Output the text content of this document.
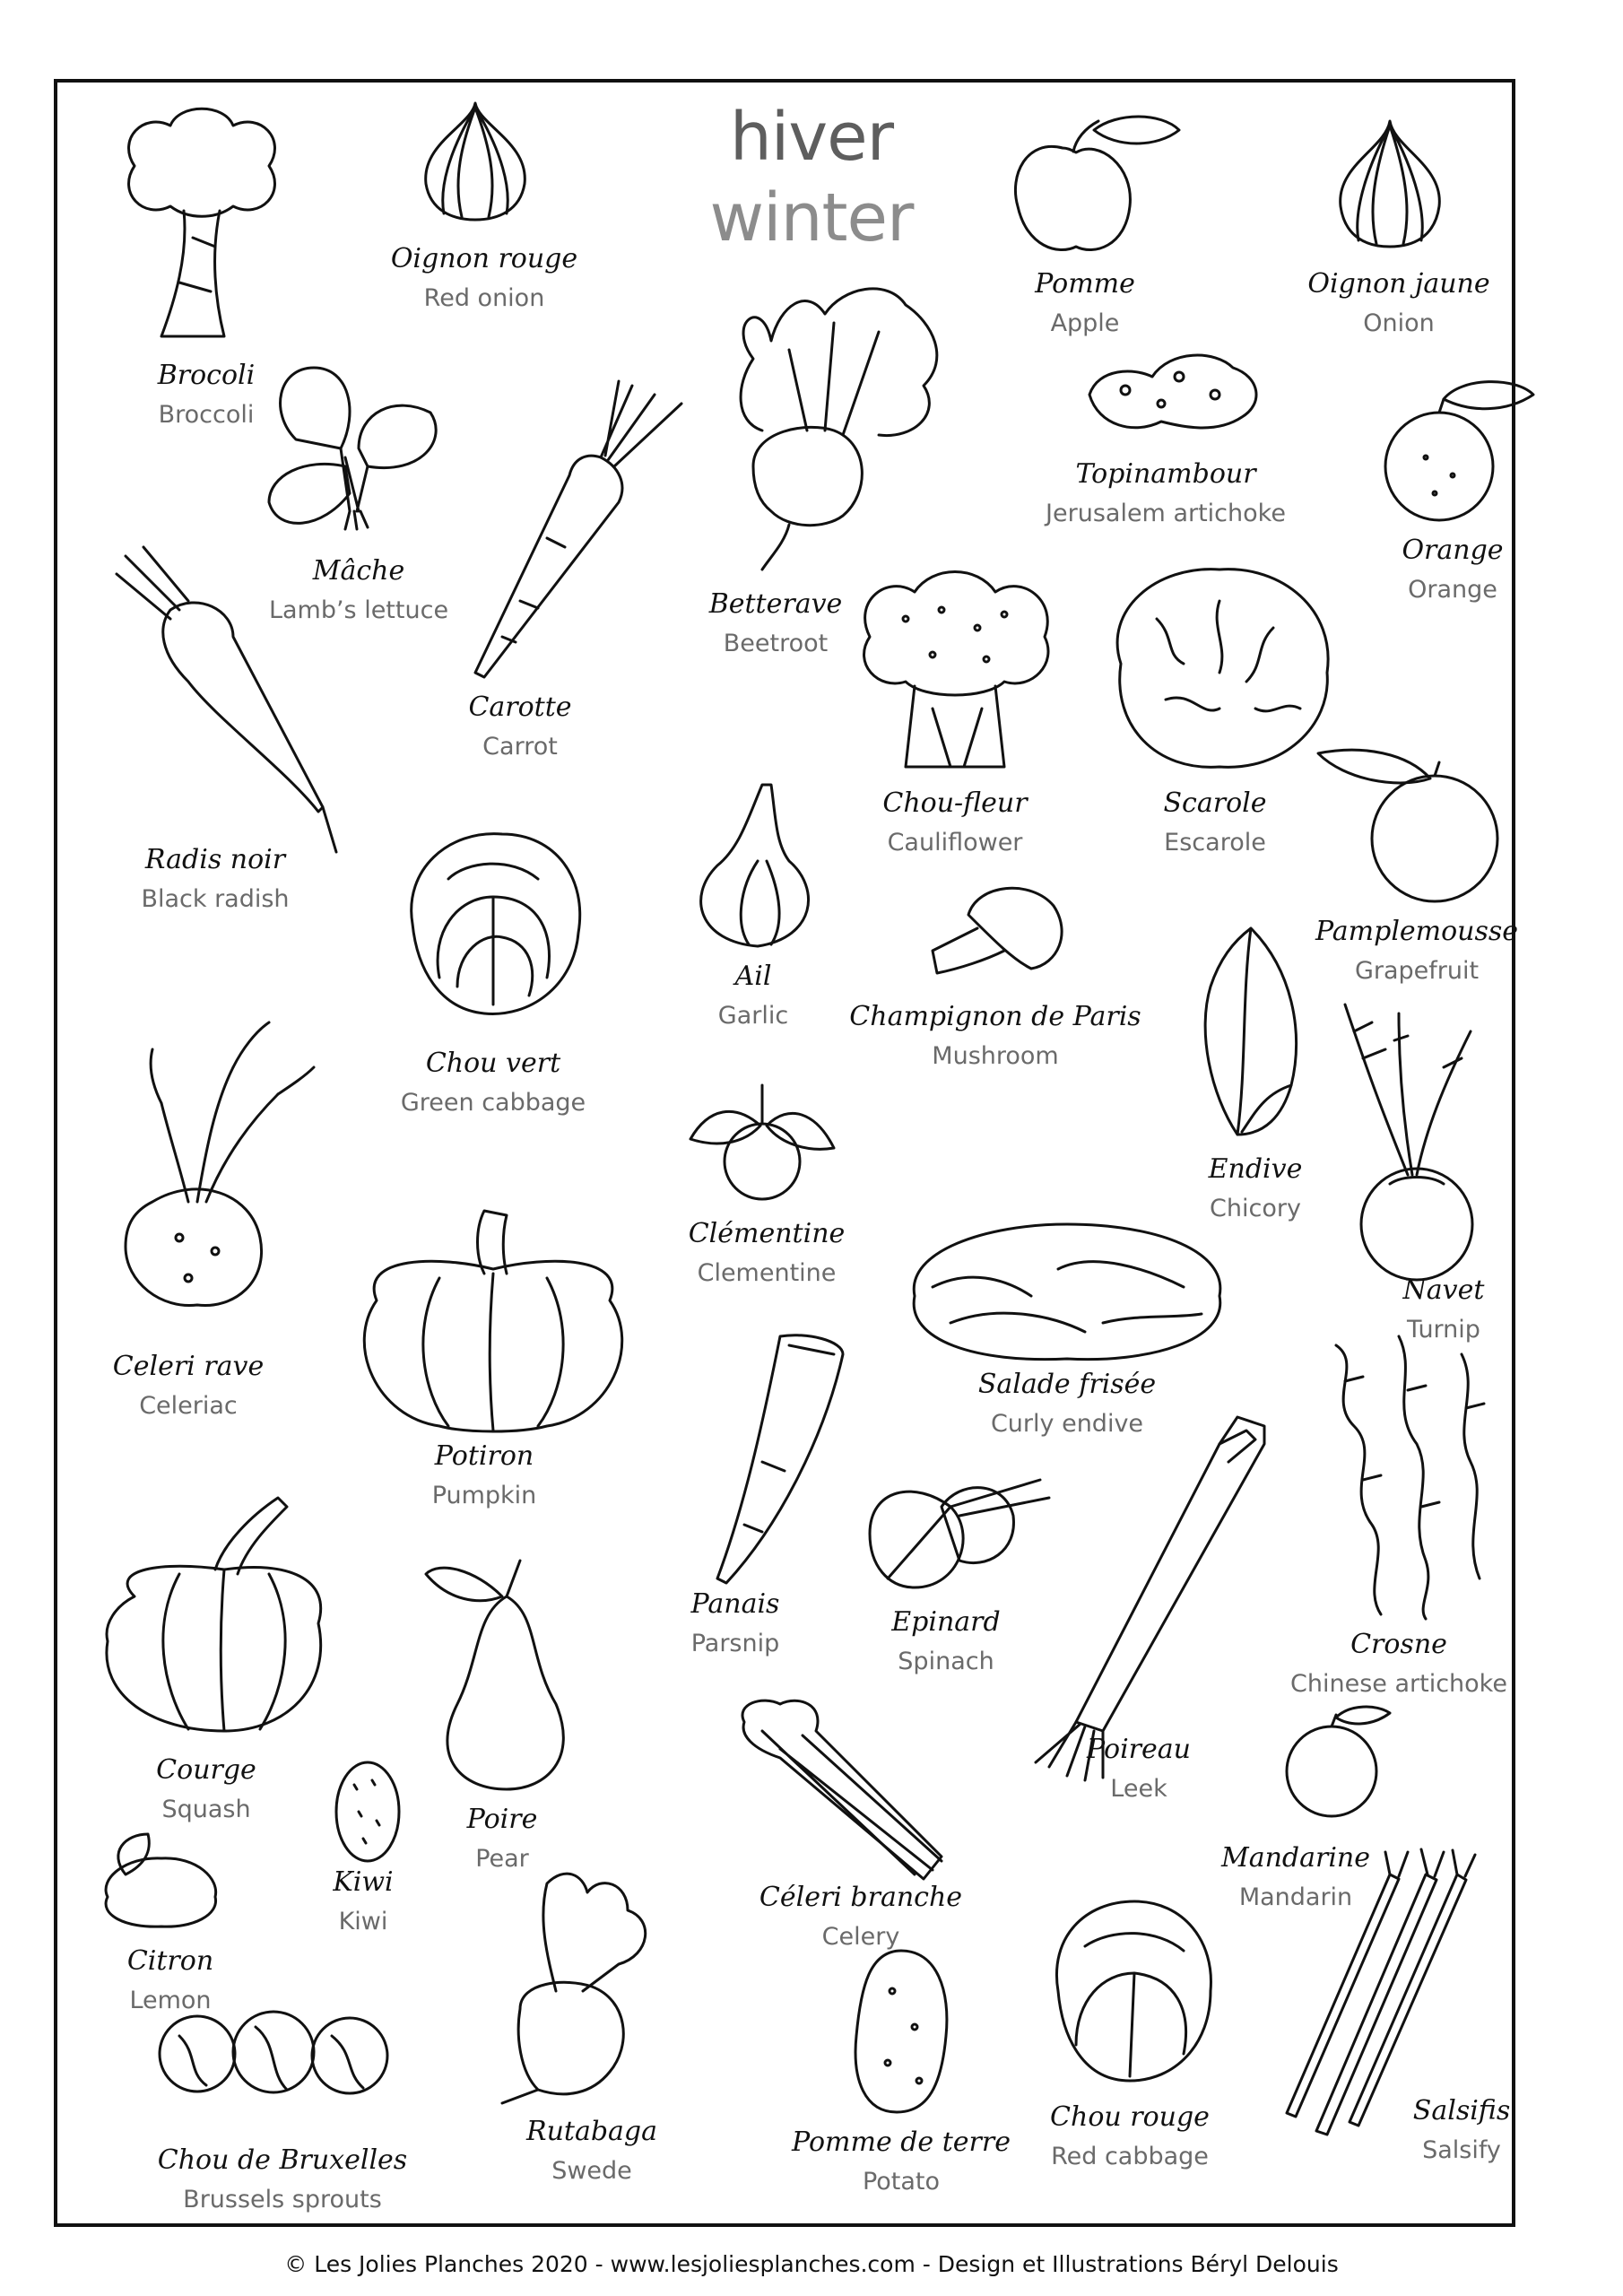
hiver
winter
Brocoli
Broccoli
Oignon rouge
Red onion	Pomme
Apple
Oignon jaune
Onion
Mâche
Lamb’s lettuce
Carotte
Carrot
Betterave
Beetroot
Topinambour
Jerusalem artichoke
Orange
Orange
Radis noir
Black radish
Chou-fleur
Cauliflower
Scarole
Escarole
Pamplemousse
Grapefruit
Chou vert
Green cabbage
Ail
Garlic	Champignon de Paris
Mushroom
Endive
Chicory
Celeri rave
Celeriac
Clémentine
Clementine
Navet
Turnip
Salade frisée
Curly endive
Potiron
Pumpkin
Panais
Parsnip
Epinard
Spinach
Crosne
Chinese artichoke
Courge
Squash
Poireau
Leek
Poire
Pear
Kiwi
Kiwi
Mandarine
Mandarin
Céleri branche
Celery
Citron
Lemon
Rutabaga
Swede
Pomme de terre
Potato
Chou rouge
Red cabbage
Salsifis
Salsify
Chou de Bruxelles
Brussels sprouts
© Les Jolies Planches 2020 - www.lesjoliesplanches.com - Design et Illustrations Béryl Delouis
